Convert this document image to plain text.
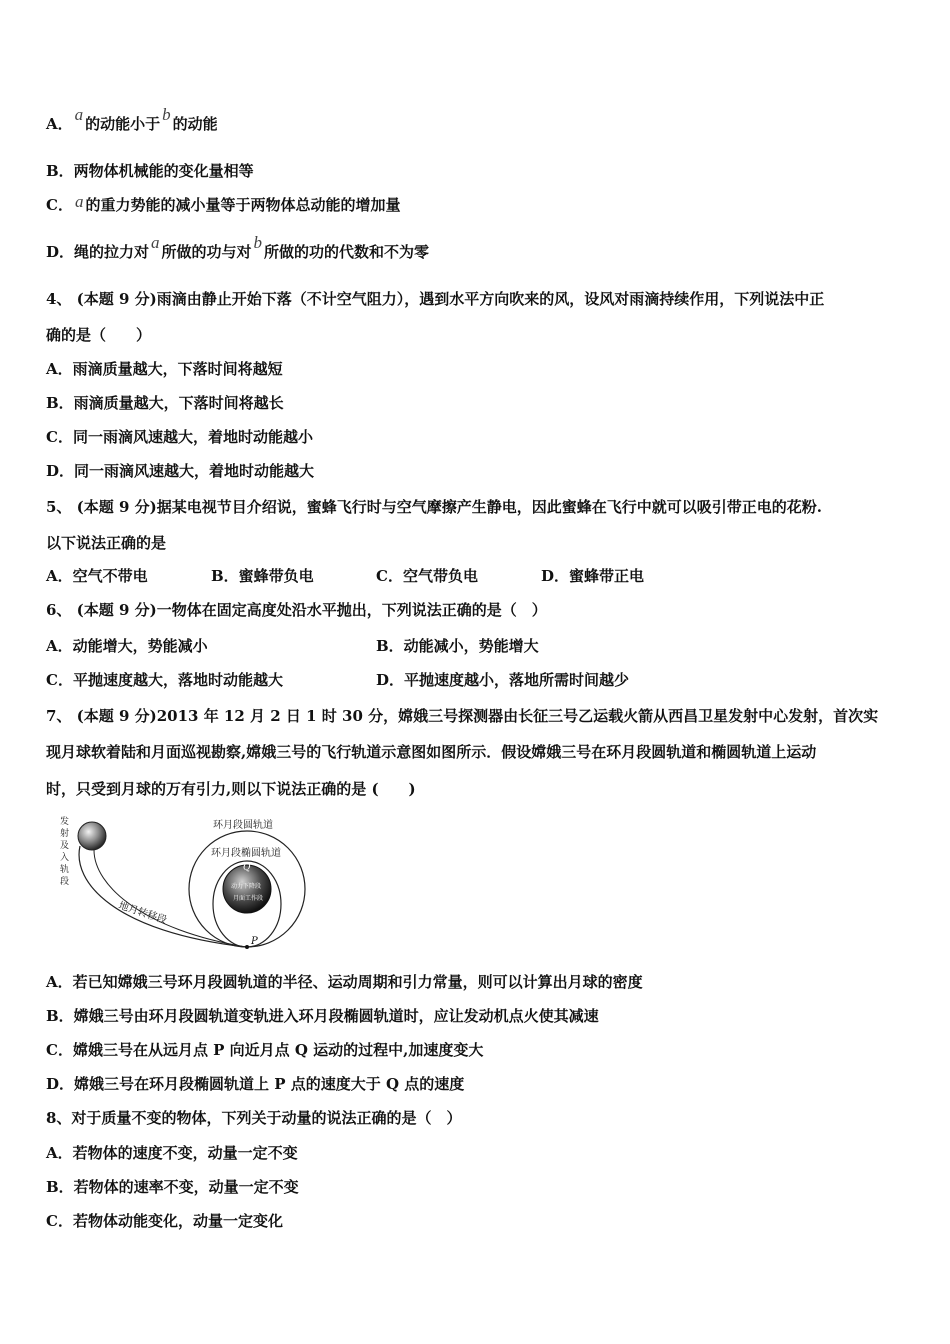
A． a 的动能小于 b 的动能
B．两物体机械能的变化量相等
C． a 的重力势能的减小量等于两物体总动能的增加量
D．绳的拉力对 a 所做的功与对 b 所做的功的代数和不为零
4、 (本题 9 分)雨滴由静止开始下落（不计空气阻力），遇到水平方向吹来的风，设风对雨滴持续作用，下列说法中正
确的是（　　）
A．雨滴质量越大，下落时间将越短
B．雨滴质量越大，下落时间将越长
C．同一雨滴风速越大，着地时动能越小
D．同一雨滴风速越大，着地时动能越大
5、 (本题 9 分)据某电视节目介绍说，蜜蜂飞行时与空气摩擦产生静电，因此蜜蜂在飞行中就可以吸引带正电的花粉.
以下说法正确的是
A．空气不带电	B．蜜蜂带负电	C．空气带负电	D．蜜蜂带正电
6、 (本题 9 分)一物体在固定高度处沿水平抛出，下列说法正确的是（　）
A．动能增大，势能减小	B．动能减小，势能增大
C．平抛速度越大，落地时动能越大	D．平抛速度越小，落地所需时间越少
7、 (本题 9 分)2013 年 12 月 2 日 1 时 30 分，嫦娥三号探测器由长征三号乙运载火箭从西昌卫星发射中心发射，首次实
现月球软着陆和月面巡视勘察,嫦娥三号的飞行轨道示意图如图所示．假设嫦娥三号在环月段圆轨道和椭圆轨道上运动
时，只受到月球的万有引力,则以下说法正确的是 (　　)
发
射
及
入
轨
段
地月转移段
环月段圆轨道
环月段椭圆轨道
动力下降段
月面工作段
Q
P
A．若已知嫦娥三号环月段圆轨道的半径、运动周期和引力常量，则可以计算出月球的密度
B．嫦娥三号由环月段圆轨道变轨进入环月段椭圆轨道时，应让发动机点火使其减速
C．嫦娥三号在从远月点 P 向近月点 Q 运动的过程中,加速度变大
D．嫦娥三号在环月段椭圆轨道上 P 点的速度大于 Q 点的速度
8、对于质量不变的物体，下列关于动量的说法正确的是（　）
A．若物体的速度不变，动量一定不变
B．若物体的速率不变，动量一定不变
C．若物体动能变化，动量一定变化
